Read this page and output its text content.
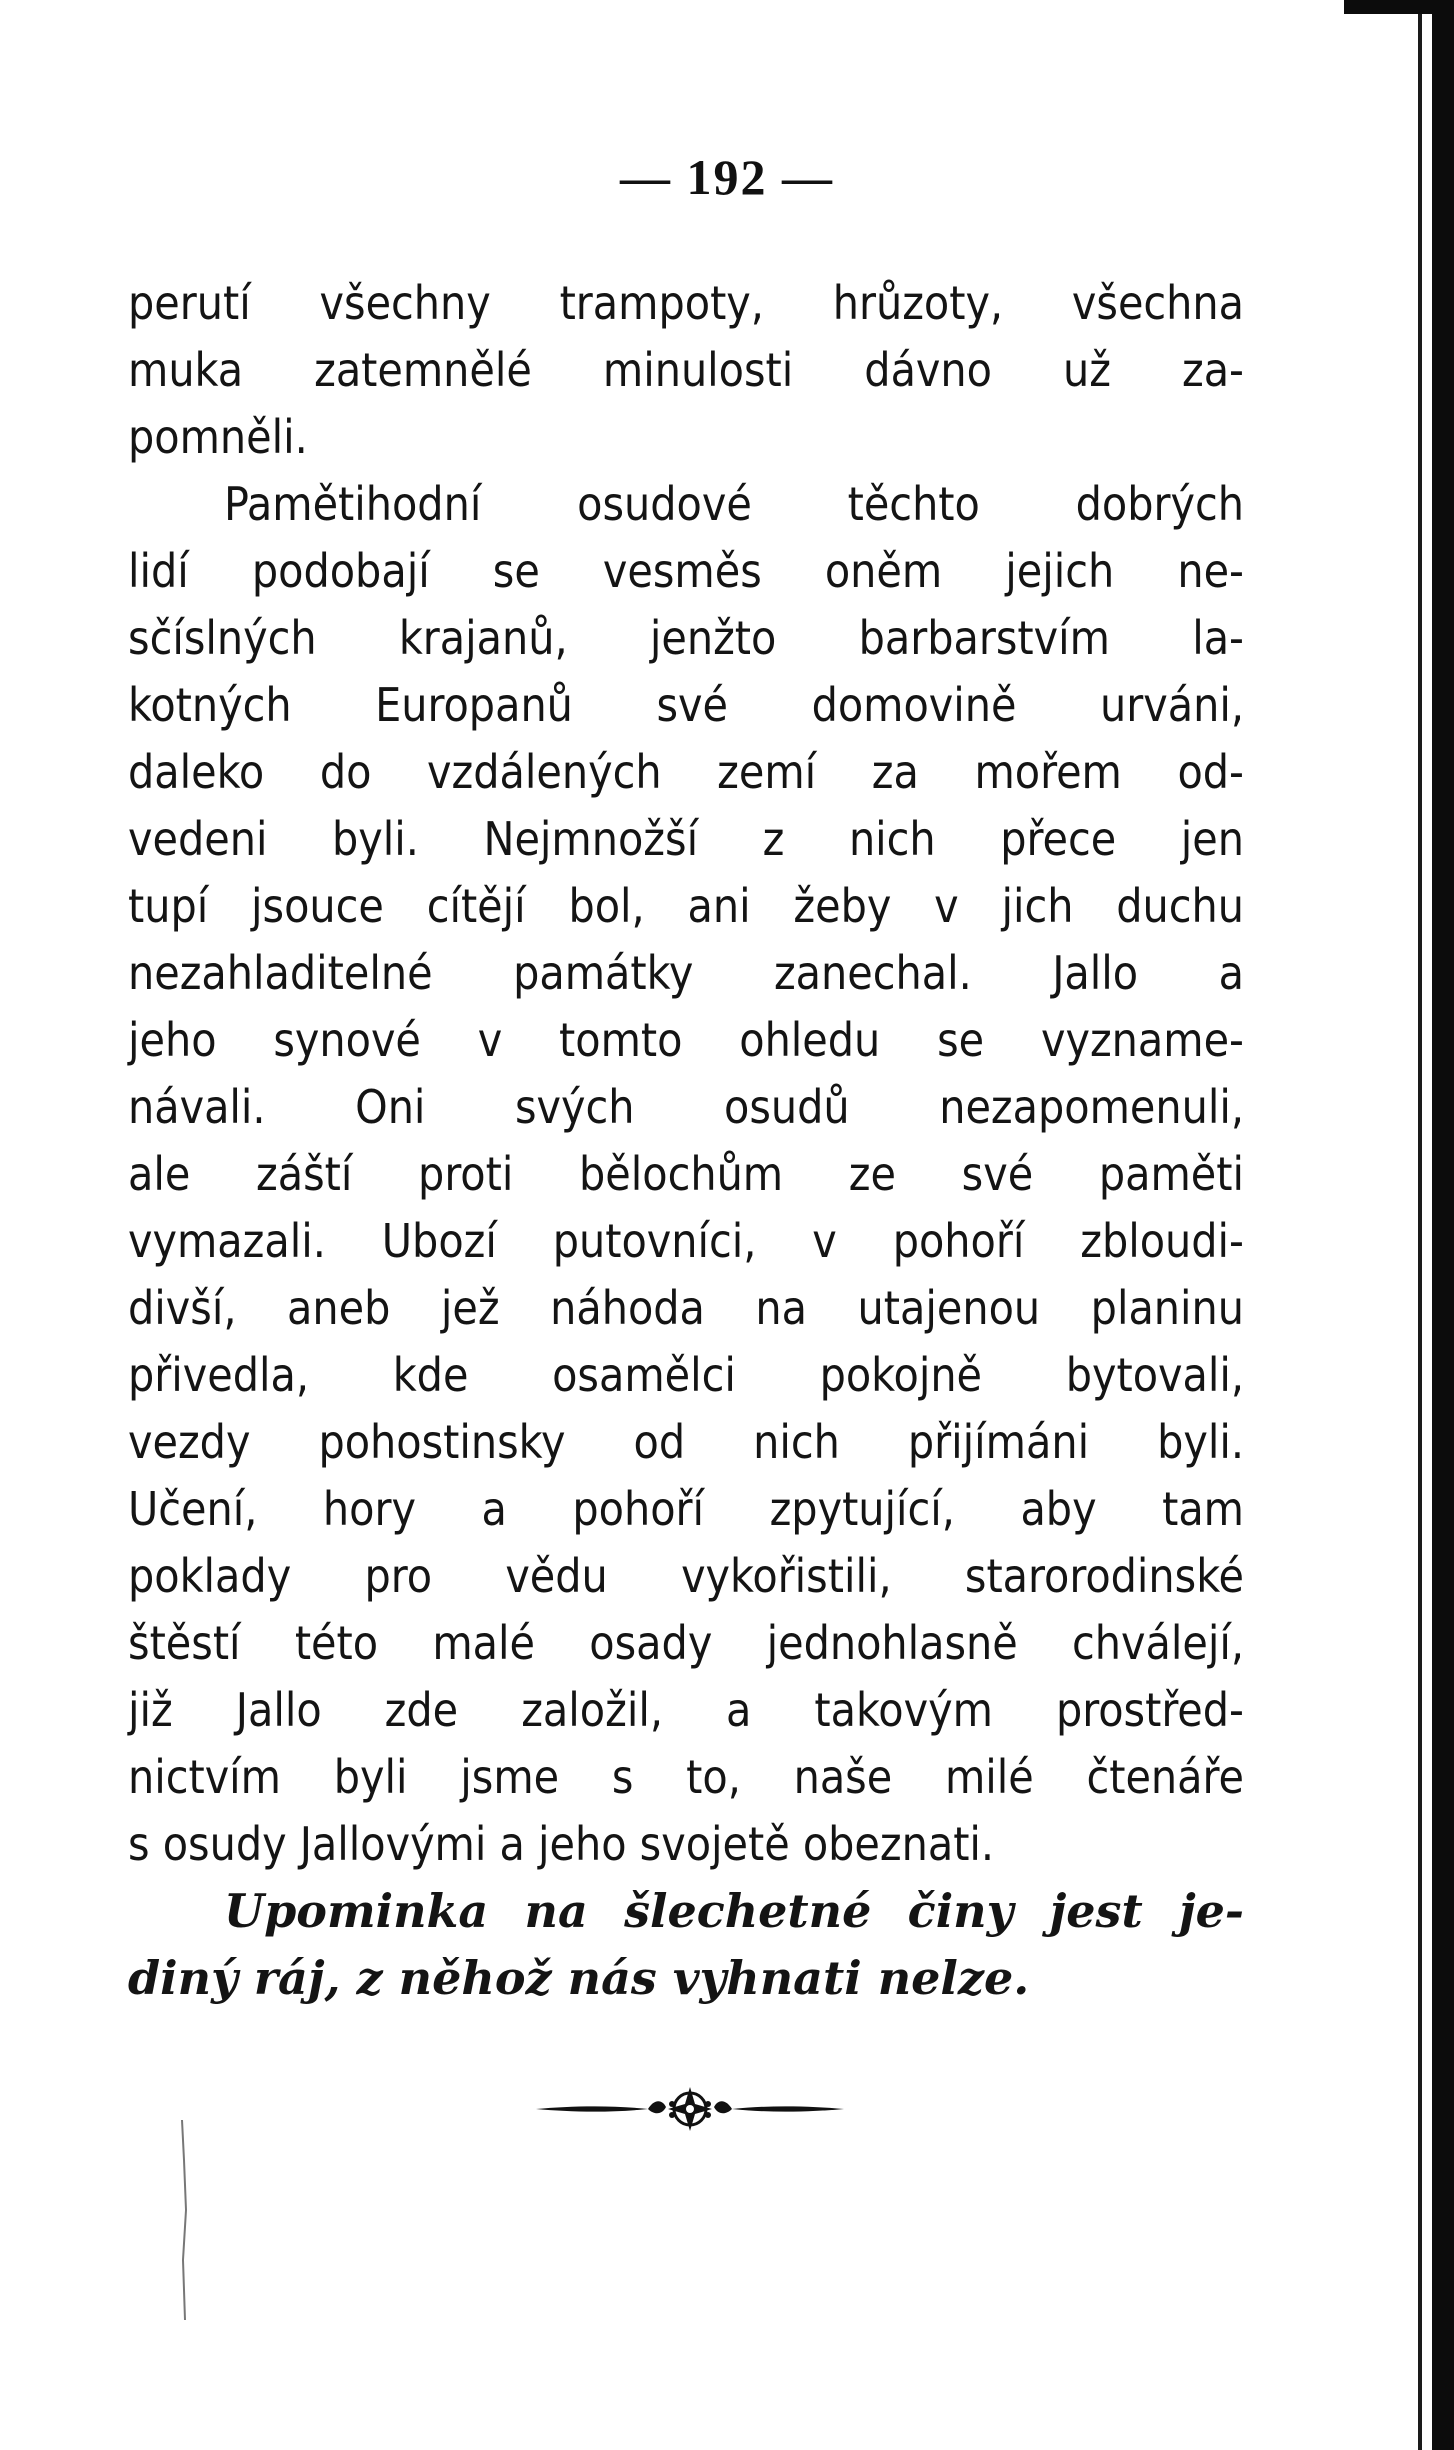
— 192 —
perutí všechny trampoty, hrůzoty, všechna
muka zatemnělé minulosti dávno už za-
pomněli.
Pamětihodní osudové těchto dobrých
lidí podobají se vesměs oněm jejich ne-
sčíslných krajanů, jenžto barbarstvím la-
kotných Europanů své domovině urváni,
daleko do vzdálených zemí za mořem od-
vedeni byli. Nejmnožší z nich přece jen
tupí jsouce cítějí bol, ani žeby v jich duchu
nezahladitelné památky zanechal. Jallo a
jeho synové v tomto ohledu se vyzname-
návali. Oni svých osudů nezapomenuli,
ale záští proti bělochům ze své paměti
vymazali. Ubozí putovníci, v pohoří zbloudi-
divší, aneb jež náhoda na utajenou planinu
přivedla, kde osamělci pokojně bytovali,
vezdy pohostinsky od nich přijímáni byli.
Učení, hory a pohoří zpytující, aby tam
poklady pro vědu vykořistili, starorodinské
štěstí této malé osady jednohlasně chválejí,
již Jallo zde založil, a takovým prostřed-
nictvím byli jsme s to, naše milé čtenáře
s osudy Jallovými a jeho svojetě obeznati.
Upominka na šlechetné činy jest je-
diný ráj, z něhož nás vyhnati nelze.
